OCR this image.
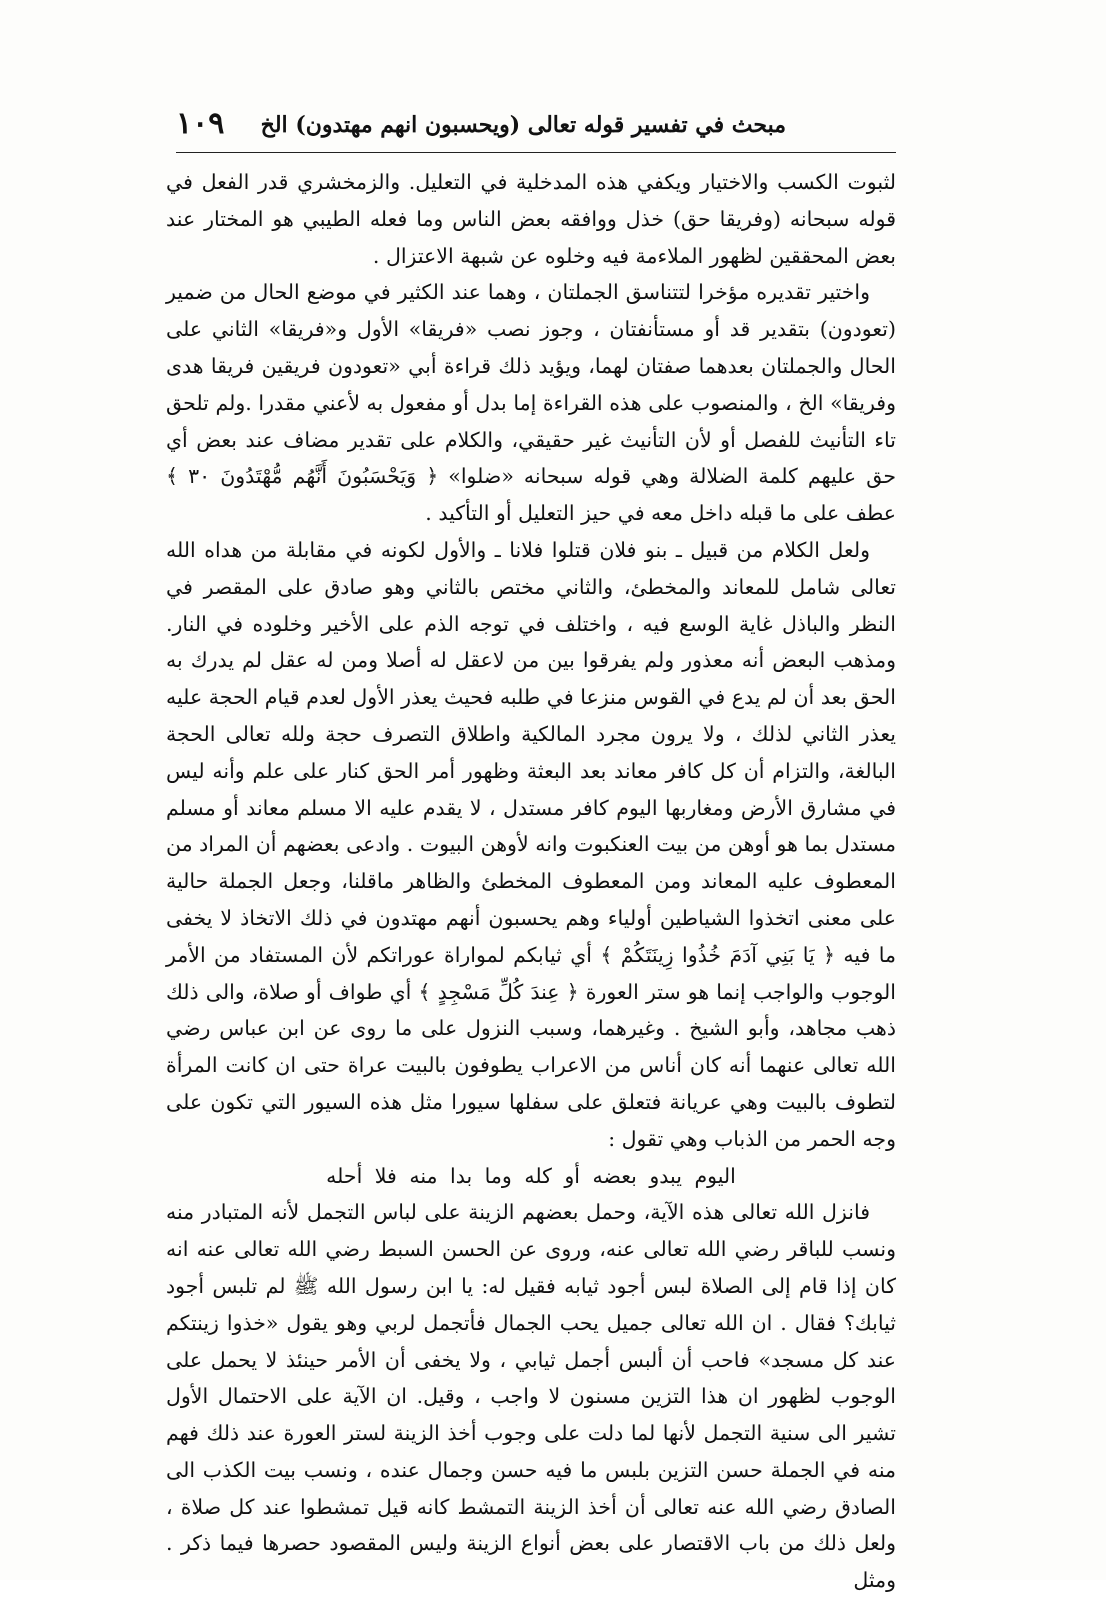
مبحث في تفسير قوله تعالى (ويحسبون انهم مهتدون) الخ
١٠٩

لثبوت الكسب والاختيار ويكفي هذه المدخلية في التعليل. والزمخشري قدر الفعل في قوله سبحانه (وفريقا حق) خذل ووافقه بعض الناس وما فعله الطيبي هو المختار عند بعض المحققين لظهور الملاءمة فيه وخلوه عن شبهة الاعتزال .

واختير تقديره مؤخرا لتتناسق الجملتان ، وهما عند الكثير في موضع الحال من ضمير (تعودون) بتقدير قد أو مستأنفتان ، وجوز نصب «فريقا» الأول و«فريقا» الثاني على الحال والجملتان بعدهما صفتان لهما، ويؤيد ذلك قراءة أبي «تعودون فريقين فريقا هدى وفريقا» الخ ، والمنصوب على هذه القراءة إما بدل أو مفعول به لأعني مقدرا .ولم تلحق تاء التأنيث للفصل أو لأن التأنيث غير حقيقي، والكلام على تقدير مضاف عند بعض أي حق عليهم كلمة الضلالة وهي قوله سبحانه «ضلوا» ﴿ وَيَحْسَبُونَ أَنَّهُم مُّهْتَدُونَ ٣٠ ﴾ عطف على ما قبله داخل معه في حيز التعليل أو التأكيد .

ولعل الكلام من قبيل ـ بنو فلان قتلوا فلانا ـ والأول لكونه في مقابلة من هداه الله تعالى شامل للمعاند والمخطئ، والثاني مختص بالثاني وهو صادق على المقصر في النظر والباذل غاية الوسع فيه ، واختلف في توجه الذم على الأخير وخلوده في النار. ومذهب البعض أنه معذور ولم يفرقوا بين من لاعقل له أصلا ومن له عقل لم يدرك به الحق بعد أن لم يدع في القوس منزعا في طلبه فحيث يعذر الأول لعدم قيام الحجة عليه يعذر الثاني لذلك ، ولا يرون مجرد المالكية واطلاق التصرف حجة ولله تعالى الحجة البالغة، والتزام أن كل كافر معاند بعد البعثة وظهور أمر الحق كنار على علم وأنه ليس في مشارق الأرض ومغاربها اليوم كافر مستدل ، لا يقدم عليه الا مسلم معاند أو مسلم مستدل بما هو أوهن من بيت العنكبوت وانه لأوهن البيوت . وادعى بعضهم أن المراد من المعطوف عليه المعاند ومن المعطوف المخطئ والظاهر ماقلنا، وجعل الجملة حالية على معنى اتخذوا الشياطين أولياء وهم يحسبون أنهم مهتدون في ذلك الاتخاذ لا يخفى ما فيه ﴿ يَا بَنِي آدَمَ خُذُوا زِينَتَكُمْ ﴾ أي ثيابكم لمواراة عوراتكم لأن المستفاد من الأمر الوجوب والواجب إنما هو ستر العورة ﴿ عِندَ كُلِّ مَسْجِدٍ ﴾ أي طواف أو صلاة، والى ذلك ذهب مجاهد، وأبو الشيخ . وغيرهما، وسبب النزول على ما روى عن ابن عباس رضي الله تعالى عنهما أنه كان أناس من الاعراب يطوفون بالبيت عراة حتى ان كانت المرأة لتطوف بالبيت وهي عريانة فتعلق على سفلها سيورا مثل هذه السيور التي تكون على وجه الحمر من الذباب وهي تقول :

اليوم يبدو بعضه أو كله وما بدا منه فلا أحله

فانزل الله تعالى هذه الآية، وحمل بعضهم الزينة على لباس التجمل لأنه المتبادر منه ونسب للباقر رضي الله تعالى عنه، وروى عن الحسن السبط رضي الله تعالى عنه انه كان إذا قام إلى الصلاة لبس أجود ثيابه فقيل له: يا ابن رسول الله ﷺ لم تلبس أجود ثيابك؟ فقال . ان الله تعالى جميل يحب الجمال فأتجمل لربي وهو يقول «خذوا زينتكم عند كل مسجد» فاحب أن ألبس أجمل ثيابي ، ولا يخفى أن الأمر حينئذ لا يحمل على الوجوب لظهور ان هذا التزين مسنون لا واجب ، وقيل. ان الآية على الاحتمال الأول تشير الى سنية التجمل لأنها لما دلت على وجوب أخذ الزينة لستر العورة عند ذلك فهم منه في الجملة حسن التزين بلبس ما فيه حسن وجمال عنده ، ونسب بيت الكذب الى الصادق رضي الله عنه تعالى أن أخذ الزينة التمشط كانه قيل تمشطوا عند كل صلاة ، ولعل ذلك من باب الاقتصار على بعض أنواع الزينة وليس المقصود حصرها فيما ذكر . ومثل
